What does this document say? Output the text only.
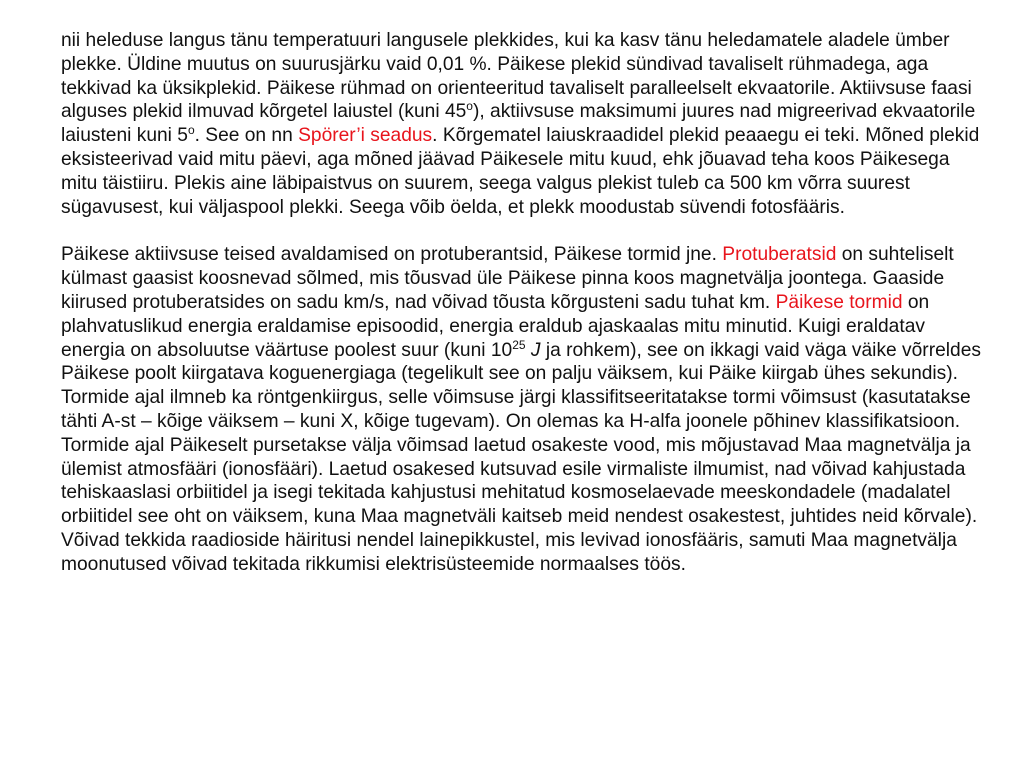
nii heleduse langus tänu temperatuuri langusele plekkides, kui ka kasv tänu heledamatele aladele ümber plekke. Üldine muutus on suurusjärku vaid 0,01 %. Päikese plekid sündivad tavaliselt rühmadega, aga tekkivad ka üksikplekid. Päikese rühmad on orienteeritud tavaliselt paralleelselt ekvaatorile. Aktiivsuse faasi alguses plekid ilmuvad kõrgetel laiustel (kuni 45$^o$), aktiivsuse maksimumi juures nad migreerivad ekvaatorile laiusteni kuni 5$^o$. See on nn Spörer’i seadus. Kõrgematel laiuskraadidel plekid peaaegu ei teki. Mõned plekid eksisteerivad vaid mitu päevi, aga mõned jäävad Päikesele mitu kuud, ehk jõuavad teha koos Päikesega mitu täistiiru. Plekis aine läbipaistvus on suurem, seega valgus plekist tuleb ca 500 km võrra suurest sügavusest, kui väljaspool plekki. Seega võib öelda, et plekk moodustab süvendi fotosfääris.

Päikese aktiivsuse teised avaldamised on protuberantsid, Päikese tormid jne. Protuberatsid on suhteliselt külmast gaasist koosnevad sõlmed, mis tõusvad üle Päikese pinna koos magnetvälja joontega. Gaaside kiirused protuberatsides on sadu km/s, nad võivad tõusta kõrgusteni sadu tuhat km. Päikese tormid on plahvatuslikud energia eraldamise episoodid, energia eraldub ajaskaalas mitu minutid. Kuigi eraldatav energia on absoluutse väärtuse poolest suur (kuni $10^{25}$ J ja rohkem), see on ikkagi vaid väga väike võrreldes Päikese poolt kiirgatava koguenergiaga (tegelikult see on palju väiksem, kui Päike kiirgab ühes sekundis). Tormide ajal ilmneb ka röntgenkiirgus, selle võimsuse järgi klassifitseeritatakse tormi võimsust (kasutatakse tähti A-st – kõige väiksem – kuni X, kõige tugevam). On olemas ka H-alfa joonele põhinev klassifikatsioon. Tormide ajal Päikeselt pursetakse välja võimsad laetud osakeste vood, mis mõjustavad Maa magnetvälja ja ülemist atmosfääri (ionosfääri). Laetud osakesed kutsuvad esile virmaliste ilmumist, nad võivad kahjustada tehiskaaslasi orbiitidel ja isegi tekitada kahjustusi mehitatud kosmoselaevade meeskondadele (madalatel orbiitidel see oht on väiksem, kuna Maa magnetväli kaitseb meid nendest osakestest, juhtides neid kõrvale). Võivad tekkida raadioside häiritusi nendel lainepikkustel, mis levivad ionosfääris, samuti Maa magnetvälja moonutused võivad tekitada rikkumisi elektrisüsteemide normaalses töös.
